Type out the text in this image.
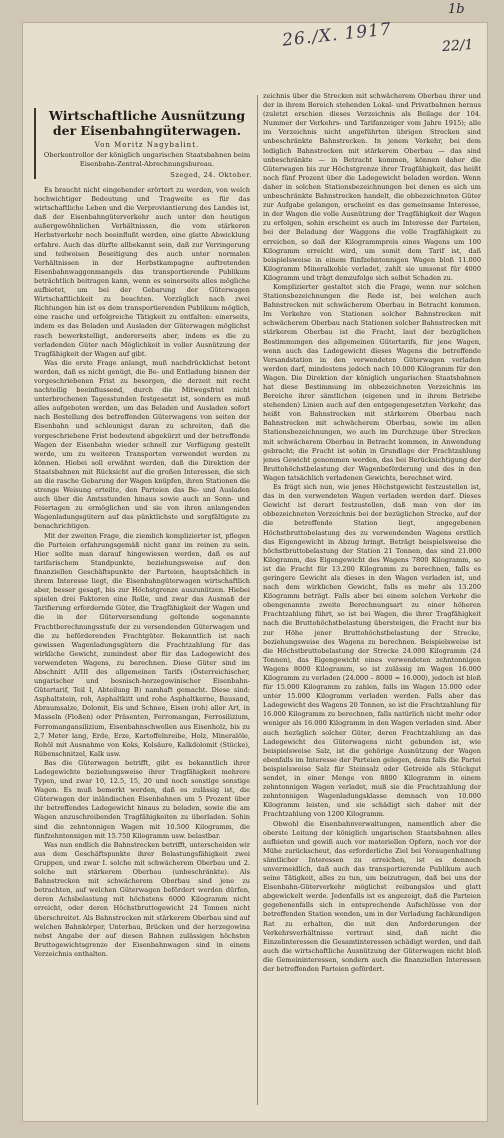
1b
26./X. 1917	22/1
Wirtschaftliche Ausnützung der Eisenbahngüterwagen.
Von Moritz Nagybalint.
Oberkontrollor der königlich ungarischen Staatsbahnen beim Eisenbahn-Zentral-Abrechnungsbureau.
Szeged, 24. Oktober.

Es braucht nicht eingehender erörtert zu werden, von welch hochwichtiger Bedeutung und Tragweite es für das wirtschaftliche Leben und die Verproviantierung des Landes ist, daß der Eisenbahngüterverkehr auch unter den heutigen außergewöhnlichen Verhältnissen, die vom stärkeren Herbstverkehr noch beeinflußt werden, eine glatte Abwicklung erfahre. Auch das dürfte allbekannt sein, daß zur Verringerung und teilweisen Beseitigung des auch unter normalen Verhältnissen in der Herbstkampagne auftretenden Eisenbahnwaggonmangels das transportierende Publikum beträchtlich beitragen kann, wenn es seinerseits alles mögliche aufbietet, um bei der Gebarung der Güterwagen Wirtschaftlichkeit zu beachten. Vorzüglich nach zwei Richtungen hin ist es dem transportierenden Publikum möglich, eine rasche und erfolgreiche Tätigkeit zu entfalten: einerseits, indem es das Beladen und Ausladen der Güterwagen möglichst rasch bewerkstelligt, andererseits aber, indem es die zu verladenden Güter nach Möglichkeit in voller Ausnützung der Tragfähigkeit der Wagen auf gibt.

Was die erste Frage anlangt, muß nachdrücklichst betont werden, daß es nicht genügt, die Be- und Entladung binnen der vorgeschriebenen Frist zu besorgen, die derzeit mit recht nachteilig beeinflussend, durch die Mitwegsfrist nicht unterbrochenen Tagesstunden festgesetzt ist, sondern es muß alles aufgeboten werden, um das Beladen und Ausladen sofort nach Bestellung des betreffenden Güterwagens von seiten der Eisenbahn und schleunigst daran zu schreiten, daß die vorgeschriebene Frist bedeutend abgekürzt und der betreffende Wagen der Eisenbahn wieder schnell zur Verfügung gestellt werde, um zu weiteren Transporten verwendet werden zu können. Hiebei soll erwähnt werden, daß die Direktion der Staatsbahnen mit Rücksicht auf die großen Interessen, die sich an die rasche Gebarung der Wagen knüpfen, ihren Stationen die strenge Weisung erteilte, den Parteien das Be- und Ausladen auch über die Amtsstunden hinaus sowie auch an Sonn- und Feiertagen zu ermöglichen und sie von ihren anlangenden Wagenladungsgütern auf das pünktlichste und sorgfältigste zu benachrichtigen.

Mit der zweiten Frage, die ziemlich komplizierter ist, pflegen die Parteien erfahrungsgemäß nicht ganz im reinen zu sein. Hier sollte man darauf hingewiesen werden, daß es auf tarifarischem Standpunkte, beziehungsweise auf den finanziellen Geschäftspunkte der Parteien, hauptsächlich in ihrem Interesse liegt, die Eisenbahngüterwagen wirtschaftlich aber, besser gesagt, bis zur Höchstgrenze auszunützen. Hiebei spielen drei Faktoren eine Rolle, und zwar das Ausmaß der Tarifierung erfordernde Güter, die Tragfähigkeit der Wagen und die in der Güterversendung geltende sogenannte Frachtberechnungsstufe der zu versendenden Güterwagen und die zu beförderenden Frachtgüter. Bekanntlich ist nach gewissen Wagenladungsgütern die Frachtzahlung für das wirkliche Gewicht, zumindest aber für das Ladegewicht des verwendeten Wagens, zu berechnen. Diese Güter sind im Abschnitt A/III des allgemeinen Tarifs (Österreichischer, ungarischer und bosnisch-herzegowinischer Eisenbahn-Gütertarif, Teil I, Abteilung B) namhaft gemacht. Diese sind: Asphaltstein, roh, Asphaltkitt und rohe Asphaltkerne, Bausand, Abraumsalze, Dolomit, Eis und Schnee, Eisen (roh) aller Art, in Masseln (Floßen) oder Präsenten, Ferromangan, Ferrosilizium, Ferromangansilizium, Eisenbahnschwellen aus Eisenholz, bis zu 2,7 Meter lang, Erde, Erze, Kartoffelnreibe, Holz, Mineralöle, Rohöl mit Ausnahme von Koks, Kolsäure, Kalkdolomit (Stücke), Rübenschnitzel, Kalk usw.

Bas die Güterwagen betrifft, gibt es bekanntlich ihrer Ladegewichte beziehungsweise ihrer Tragfähigkeit mehrere Typen, und zwar 10, 12.5, 15, 20 und noch sonstige sonstige Wagen. Es muß bemerkt werden, daß es zulässig ist, die Güterwagen der inländischen Eisenbahnen um 5 Prozent über ihr betreffendes Ladegewicht hinaus zu beladen, sowie die am Wagen anzuschreibenden Tragfähigkeiten zu überladen. Sohin sind die zehntonnigen Wagen mit 10.500 Kilogramm, die fünfzehntonnigen mit 15.750 Kilogramm usw. belastbar.

Was nun endlich die Bahnstrecken betrifft, unterscheiden wir aus dem Geschäftspunkte ihrer Belastungsfähigkeit zwei Gruppen, und zwar I. solche mit schwächerem Oberbau und 2. solche mit stärkerem Oberbau (unbeschränkte). Als Bahnstrecken mit schwächerem Oberbau sind jene zu betrachten, auf welchen Güterwagen befördert werden dürfen, deren Achsbelastung mit höchstens 6000 Kilogramm nicht erreicht, oder deren Höchstbruttogewicht 24 Tonnen nicht überschreitet. Als Bahnstrecken mit stärkerem Oberbau sind auf welchen Bahnkörper, Unterbau, Brücken und der herzegowina nebst Angabe der auf diesen Bahnen zulässigen höchsten Bruttogewichtsgrenze der Eisenbahnwagen sind in einem Verzeichnis enthalten.

zeichnis über die Strecken mit schwächerem Oberbau ihrer und der in ihrem Bereich stehenden Lokal- und Privatbahnen heraus (zuletzt erschien dieses Verzeichnis als Beilage der 104. Nummer der Verkehrs- und Tarifanzeiger vom Jahre 1915); alle im Verzeichnis nicht angeführten übrigen Strecken sind unbeschränkte Bahnstrecken. In jenem Verkehr, bei dem lediglich Bahnstrecken mit stärkerem Oberbau — das sind unbeschränkte — in Betracht kommen, können daher die Güterwagen bis zur Höchstgrenze ihrer Tragfähigkeit, das heißt noch fünf Prozent über die Ladegewicht beladen werden. Wenn daher in solchen Stationsbezeichnungen bei denen es sich um unbeschränkte Bahnstrecken handelt, die obbezeichneten Güter zur Aufgabe gelangen, erscheint es das gemeinsame Interesse, in der Wagen die volle Ausnützung der Tragfähigkeit der Wagen zu erfolgen, sohin erscheint es auch im Interesse der Parteien, bei der Beladung der Waggons die volle Tragfähigkeit zu erreichen, so daß der Kilogrammpreis eines Wagens um 100 Kilogramm erreicht wird, um somit dem Tarif ist, daß beispielsweise in einem fünfzehntonnigen Wagen bloß 11.000 Kilogramm Mineralkohle verladet, zahlt sie umsonst für 4000 Kilogramm und trägt demzufolge sich selbst Schaden zu.

Komplizierter gestaltet sich die Frage, wenn nur solchen Stationsbezeichnungen die Rede ist, bei welchen auch Bahnstrecken mit schwächerem Oberbau in Betracht kommen. Im Verkehre von Stationen solcher Bahnstrecken mit schwächerem Oberbau nach Stationen solcher Bahnstrecken mit stärkerem Oberbau ist die Fracht, laut der bezüglichen Bestimmungen des allgemeinen Gütertarifs, für jene Wagen, wenn auch das Ladegewicht dieses Wagens die betreffende Versandstation in den verwendeten Güterwagen verladen werden darf, mindestens jedoch nach 10.000 Kilogramm für den Wagen. Die Direktion der königlich ungarischen Staatsbahnen hat diese Bestimmung im obbezeichneten Verzeichnis im Bereiche ihrer sämtlichen (eigenen und in ihrem Betriebe stehenden) Linien auch auf den entgegengesetzten Verkehr, das heißt von Bahnstrecken mit stärkerem Oberbau nach Bahnstrecken mit schwächerem Oberbau, sowie im allen Stationsbezeichnungen, wo auch im Durchzuge über Strecken mit schwächerem Oberbau in Betracht kommen, in Anwendung gebracht; die Fracht ist sohin in Grundlage der Frachtzahlung jenes Gewicht genommen werden, das bei Berücksichtigung der Bruttohöchstbelastung der Wagenbeförderung und des in den Wagen tatsächlich verladenen Gewichts, berechnet wird.

Es frägt sich nun, wie jenes Höchstgewicht festzustellen ist, das in den verwendeten Wagen verladen werden darf. Dieses Gewicht ist derart festzustellen, daß man von der im obbezeichneten Verzeichnis bei der bezüglichen Strecke, auf der die betreffende Station liegt, angegebenen Höchstbruttobelastung des zu verwendenden Wagens erstlich das Eigengewicht in Abzug bringt. Beträgt beispielsweise die höchstbruttobelastung der Station 21 Tonnen, das sind 21.000 Kilogramm, das Eigengewicht des Wagens 7800 Kilogramm, so ist die Fracht für 13.200 Kilogramm zu berechnen, falls es geringere Gewicht als dieses in den Wagen verladen ist, und nach dem wirklichen Gewicht, falls es mehr als 13.200 Kilogramm beträgt. Falls aber bei einem solchen Verkehr die obengenannte zweite Berechnungsart zu einer höheren Frachtzahlung führt, so ist bei Wagen, die ihrer Tragfähigkeit nach die Bruttohöchstbelastung übersteigen, die Fracht nur bis zur Höhe jener Bruttohöchstbelastung der Strecke, beziehungsweise des Wagens zu berechnen. Beispielsweise ist die Höchstbruttobelastung der Strecke 24.000 Kilogramm (24 Tonnen), das Eigengewicht eines verwendeten zehntonnigen Wagens 8000 Kilogramm, so ist zulässig im Wagen 16.000 Kilogramm zu verladen (24.000 – 8000 = 16.000), jedoch ist bloß für 15.000 Kilogramm zu zahlen, falls im Wagen 15.000 oder unter 15.000 Kilogramm verladen werden. Falls aber das Ladegewicht des Wagens 20 Tonnen, so ist die Frachtzahlung für 16.000 Kilogramm zu berechnen, falls natürlich nicht mehr oder weniger als 16.000 Kilogramm in den Wagen verladen sind. Aber auch bezüglich solcher Güter, deren Frachtzahlung an das Ladegewicht des Güterwagens nicht gebunden ist, wie beispielsweise Salz, ist die gehörige Ausnützung der Wagen ebenfalls im Interesse der Parteien gelegen, denn falls die Partei beispielsweise Salz für Steinsalz oder Getreide als Stückgut sendet, in einer Menge von 8800 Kilogramm in einem zehntonnigen Wagen verladet, muß sie die Frachtzahlung der zehntonnigen Wagenladungsklasse demnach von 10.000 Kilogramm leisten, und sie schädigt sich daher mit der Frachtzahlung von 1200 Kilogramm.

Obwohl die Eisenbahnverwaltungen, namentlich aber die oberste Leitung der königlich ungarischen Staatsbahnen alles aufbieten und gewiß auch vor materiellen Opfern, noch vor der Mühe zurückscheut, das erforderliche Ziel bei Voraugenhaltung sämtlicher Interessen zu erreichen, ist es dennoch unvermeidlich, daß auch das transportierende Publikum auch seine Tätigkeit, alles zu tun, um beizutragen, daß bei uns der Eisenbahn-Güterverkehr möglichst reibungslos und glatt abgewickelt werde. Jedenfalls ist es angezeigt, daß die Parteien gegebenenfalls sich in entsprechende Aufschlüsse von der betreffenden Station wenden, um in der Verladung fachkundigen Rat zu erhalten, die mit den Anforderungen der Verkehrsverhältnisse vertraut sind, daß nicht die Einzelinteressen die Gesamtinteressen schädigt werden, und daß auch die wirtschaftliche Ausnützung der Güterwagen nicht bloß die Gemeininteressen, sondern auch die finanziellen Interessen der betreffenden Parteien gefördert.
